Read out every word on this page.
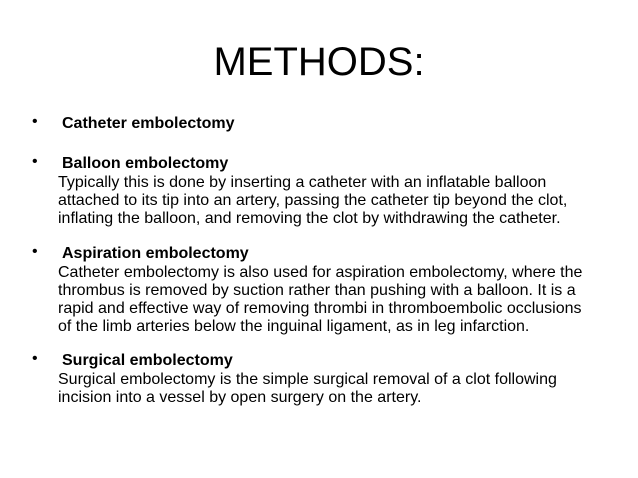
METHODS:
• Catheter embolectomy
• Balloon embolectomy
Typically this is done by inserting a catheter with an inflatable balloon
attached to its tip into an artery, passing the catheter tip beyond the clot,
inflating the balloon, and removing the clot by withdrawing the catheter.
• Aspiration embolectomy
Catheter embolectomy is also used for aspiration embolectomy, where the
thrombus is removed by suction rather than pushing with a balloon. It is a
rapid and effective way of removing thrombi in thromboembolic occlusions
of the limb arteries below the inguinal ligament, as in leg infarction.
• Surgical embolectomy
Surgical embolectomy is the simple surgical removal of a clot following
incision into a vessel by open surgery on the artery.
